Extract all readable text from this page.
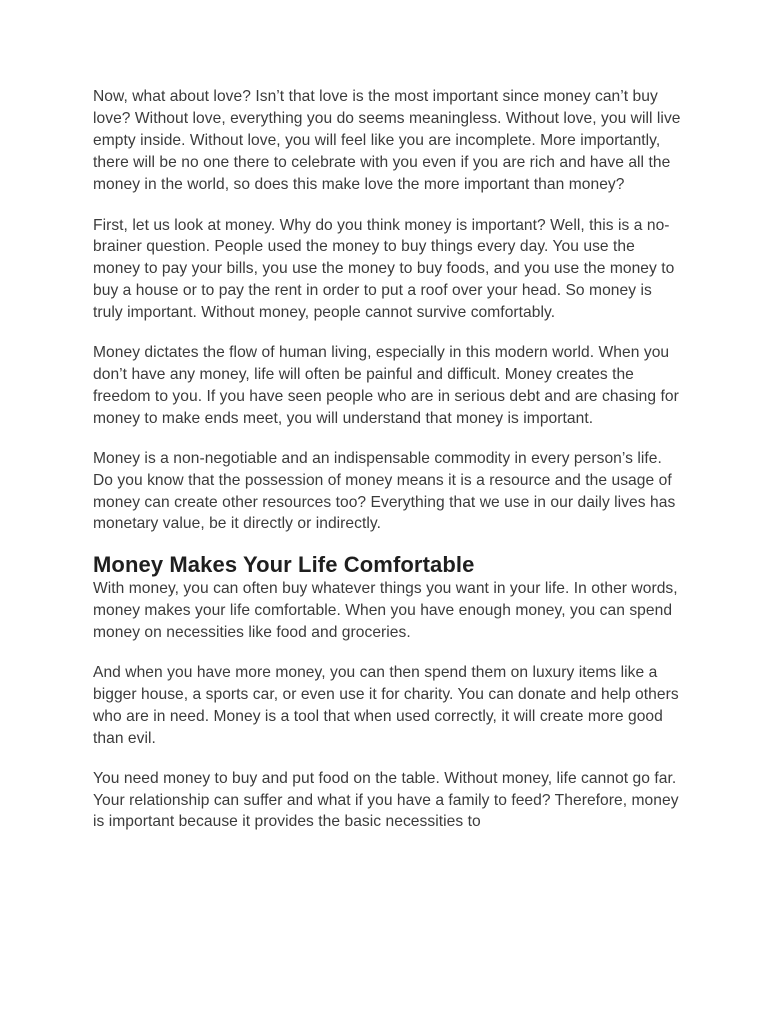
Now, what about love? Isn’t that love is the most important since money can’t buy love? Without love, everything you do seems meaningless. Without love, you will live empty inside. Without love, you will feel like you are incomplete. More importantly, there will be no one there to celebrate with you even if you are rich and have all the money in the world, so does this make love the more important than money?

First, let us look at money. Why do you think money is important? Well, this is a no-brainer question. People used the money to buy things every day. You use the money to pay your bills, you use the money to buy foods, and you use the money to buy a house or to pay the rent in order to put a roof over your head. So money is truly important. Without money, people cannot survive comfortably.

Money dictates the flow of human living, especially in this modern world. When you don’t have any money, life will often be painful and difficult. Money creates the freedom to you. If you have seen people who are in serious debt and are chasing for money to make ends meet, you will understand that money is important.

Money is a non-negotiable and an indispensable commodity in every person’s life. Do you know that the possession of money means it is a resource and the usage of money can create other resources too? Everything that we use in our daily lives has monetary value, be it directly or indirectly.

Money Makes Your Life Comfortable

With money, you can often buy whatever things you want in your life. In other words, money makes your life comfortable. When you have enough money, you can spend money on necessities like food and groceries.

And when you have more money, you can then spend them on luxury items like a bigger house, a sports car, or even use it for charity. You can donate and help others who are in need. Money is a tool that when used correctly, it will create more good than evil.

You need money to buy and put food on the table. Without money, life cannot go far. Your relationship can suffer and what if you have a family to feed? Therefore, money is important because it provides the basic necessities to
